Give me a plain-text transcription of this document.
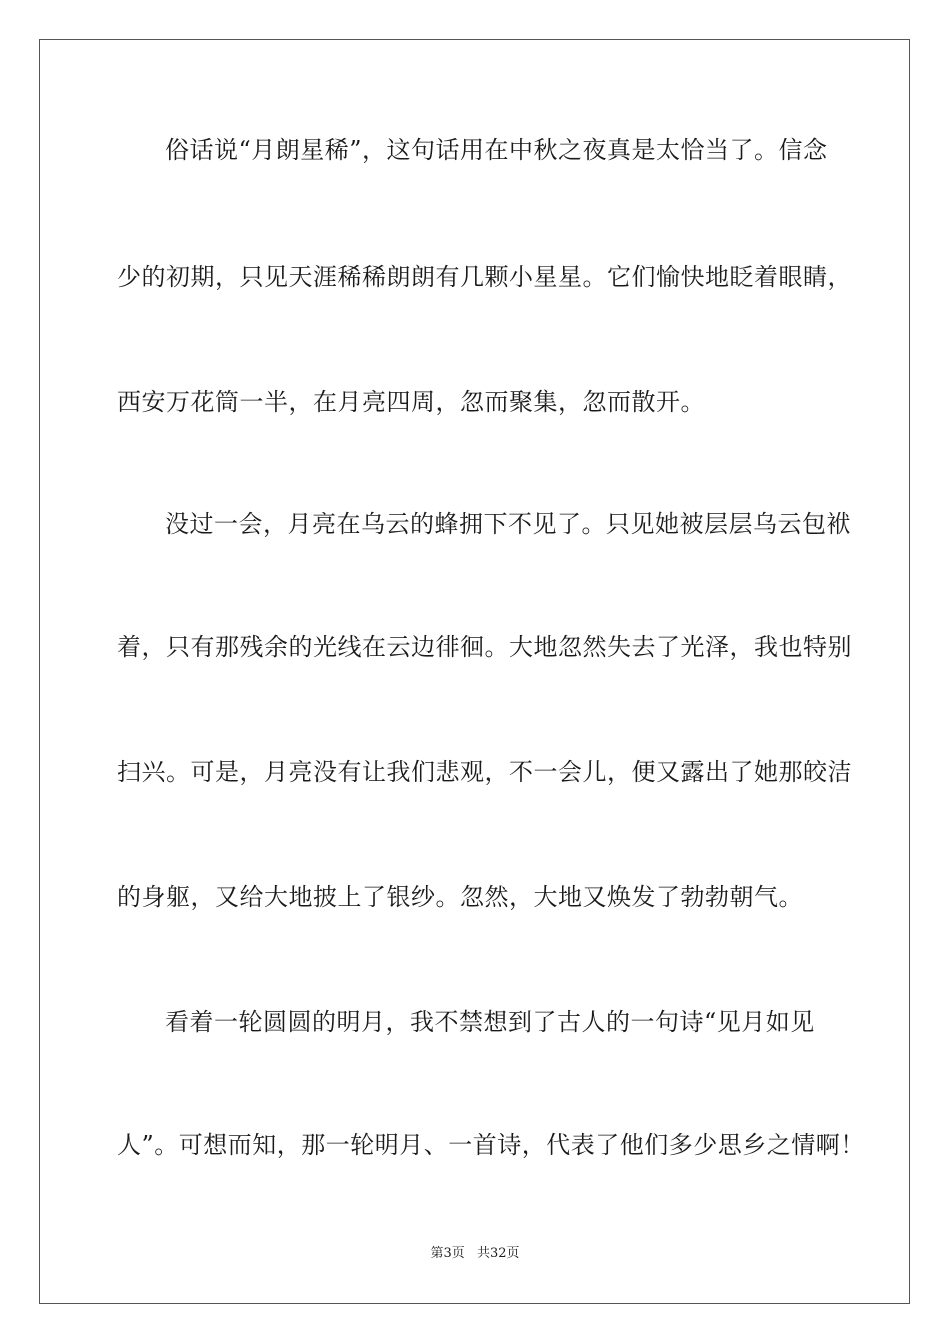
俗话说“月朗星稀”，这句话用在中秋之夜真是太恰当了。信念
少的初期，只见天涯稀稀朗朗有几颗小星星。它们愉快地眨着眼睛，
西安万花筒一半，在月亮四周，忽而聚集，忽而散开。
没过一会，月亮在乌云的蜂拥下不见了。只见她被层层乌云包袱
着，只有那残余的光线在云边徘徊。大地忽然失去了光泽，我也特别
扫兴。可是，月亮没有让我们悲观，不一会儿，便又露出了她那皎洁
的身躯，又给大地披上了银纱。忽然，大地又焕发了勃勃朝气。
看着一轮圆圆的明月，我不禁想到了古人的一句诗“见月如见
人”。可想而知，那一轮明月、一首诗，代表了他们多少思乡之情啊！
第3页 共32页
